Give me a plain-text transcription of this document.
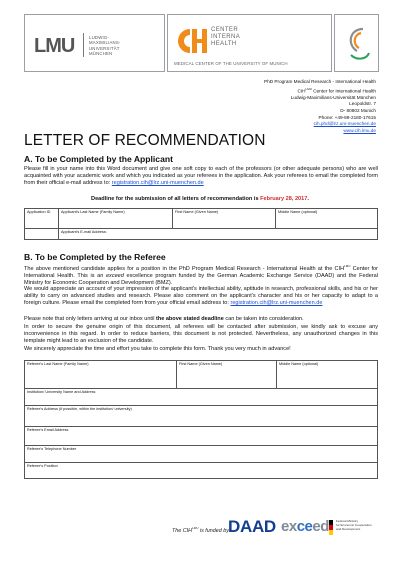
LMU	LUDWIG-
MAXIMILIANS-
UNIVERSITÄT
MÜNCHEN
CENTER
INTERNA
HEALTH
MEDICAL CENTER OF THE UNIVERSITY OF MUNICH
PhD Program Medical Research - International Health
$CIH^{LMU}$ Center for International Health
Ludwig-Maximilians-Universität München
Leopoldstr. 7
D- 80802 Munich
Phone: +49-89-2180-17615
cih.phd@lrz.uni-muenchen.de
www.cih.lmu.de
LETTER OF RECOMMENDATION
A. To be Completed by the Applicant
Please fill in your name into this Word document and give one soft copy to each of the professors (or other adequate persons) who are well acquainted with your academic work and which you indicated as your referees in the application. Ask your referees to email the completed form from their official e-mail address to: registration.cih@lrz.uni-muenchen.de
Deadline for the submission of all letters of recommendation is February 28, 2017.
Application ID	Applicant's Last Name (Family Name)	First Name (Given Name)	Middle Name (optional)
	Applicant's E-mail Address:		
B. To be Completed by the Referee
The above mentioned candidate applies for a position in the PhD Program Medical Research - International Health at the $CIH^{LMU}$ Center for International Health. This is an exceed excellence program funded by the German Academic Exchange Service (DAAD) and the Federal Ministry for Economic Cooperation and Development (BMZ).
We would appreciate an account of your impression of the applicant's intellectual ability, aptitude in research, professional skills, and his or her ability to carry on advanced studies and research. Please also comment on the applicant's character and his or her capacity to adapt to a foreign culture. Please email the completed form from your official email address to: registration.cih@lrz.uni-muenchen.de
Please note that only letters arriving at our inbox until the above stated deadline can be taken into consideration.
In order to secure the genuine origin of this document, all referees will be contacted after submission, we kindly ask to excuse any inconvenience in this regard. In order to reduce barriers, this document is not protected. Nevertheless, any unauthorized changes in this template might lead to an exclusion of the candidate.
We sincerely appreciate the time and effort you take to complete this form. Thank you very much in advance!
Referee's Last Name (Family Name)	First Name (Given Name)	Middle Name (optional)
Institution/ University Name and Address
Referee's Address (if possible, within the institution/ university)
Referee's Email Address
Referee's Telephone Number
Referee's Position
The $CIH^{LMU}$ is funded by:
DAAD exceed Federal Ministry
for Economic Cooperation
and Development
